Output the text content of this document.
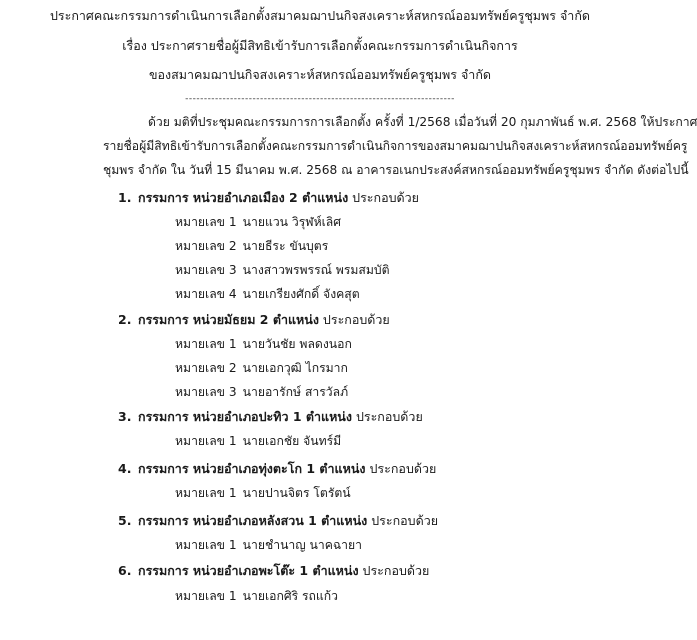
ประกาศคณะกรรมการดำเนินการเลือกตั้งสมาคมฌาปนกิจสงเคราะห์สหกรณ์ออมทรัพย์ครูชุมพร จำกัด
เรื่อง ประกาศรายชื่อผู้มีสิทธิเข้ารับการเลือกตั้งคณะกรรมการดำเนินกิจการ
ของสมาคมฌาปนกิจสงเคราะห์สหกรณ์ออมทรัพย์ครูชุมพร จำกัด
------------------------------------------------------------------------
ด้วย มติที่ประชุมคณะกรรมการการเลือกตั้ง ครั้งที่ 1/2568 เมื่อวันที่ 20 กุมภาพันธ์ พ.ศ. 2568 ให้ประกาศ
รายชื่อผู้มีสิทธิเข้ารับการเลือกตั้งคณะกรรมการดำเนินกิจการของสมาคมฌาปนกิจสงเคราะห์สหกรณ์ออมทรัพย์ครู
ชุมพร จำกัด ใน วันที่ 15 มีนาคม พ.ศ. 2568 ณ อาคารอเนกประสงค์สหกรณ์ออมทรัพย์ครูชุมพร จำกัด ดังต่อไปนี้
1. กรรมการ หน่วยอำเภอเมือง 2 ตำแหน่ง ประกอบด้วย
หมายเลข 1 นายแวน วิรุฬห์เลิศ
หมายเลข 2 นายธีระ ขันบุตร
หมายเลข 3 นางสาวพรพรรณ์ พรมสมบัติ
หมายเลข 4 นายเกรียงศักดิ์ จังคสุต
2. กรรมการ หน่วยมัธยม 2 ตำแหน่ง ประกอบด้วย
หมายเลข 1 นายวันชัย พลดงนอก
หมายเลข 2 นายเอกวุฒิ ไกรมาก
หมายเลข 3 นายอารักษ์ สารวัลภ์
3. กรรมการ หน่วยอำเภอปะทิว 1 ตำแหน่ง ประกอบด้วย
หมายเลข 1 นายเอกชัย จันทร์มี
4. กรรมการ หน่วยอำเภอทุ่งตะโก 1 ตำแหน่ง ประกอบด้วย
หมายเลข 1 นายปานจิตร โตรัตน์
5. กรรมการ หน่วยอำเภอหลังสวน 1 ตำแหน่ง ประกอบด้วย
หมายเลข 1 นายชำนาญ นาคฉายา
6. กรรมการ หน่วยอำเภอพะโต๊ะ 1 ตำแหน่ง ประกอบด้วย
หมายเลข 1 นายเอกศิริ รถแก้ว
